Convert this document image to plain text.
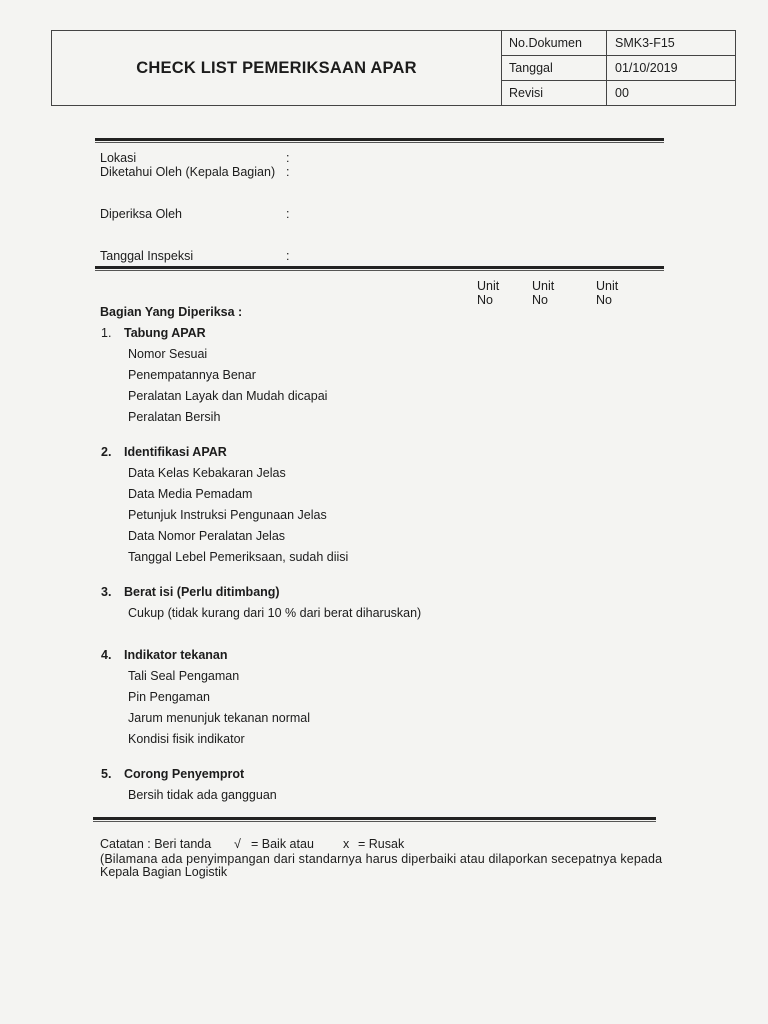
CHECK LIST PEMERIKSAAN APAR
No.Dokumen	SMK3-F15
Tanggal	01/10/2019
Revisi	00
Lokasi	:
Diketahui Oleh (Kepala Bagian) :
Diperiksa Oleh	:
Tanggal Inspeksi	:
Unit
No
Unit
No
Unit
No
Bagian Yang Diperiksa :
1. Tabung APAR
Nomor Sesuai
Penempatannya Benar
Peralatan Layak dan Mudah dicapai
Peralatan Bersih
2. Identifikasi APAR
Data Kelas Kebakaran Jelas
Data Media Pemadam
Petunjuk Instruksi Pengunaan Jelas
Data Nomor Peralatan Jelas
Tanggal Lebel Pemeriksaan, sudah diisi
3. Berat isi (Perlu ditimbang)
Cukup (tidak kurang dari 10 % dari berat diharuskan)
4. Indikator tekanan
Tali Seal Pengaman
Pin Pengaman
Jarum menunjuk tekanan normal
Kondisi fisik indikator
5. Corong Penyemprot
Bersih tidak ada gangguan
Catatan : Beri tanda √ = Baik atau x = Rusak
(Bilamana ada penyimpangan dari standarnya harus diperbaiki atau dilaporkan secepatnya kepada
Kepala Bagian Logistik
